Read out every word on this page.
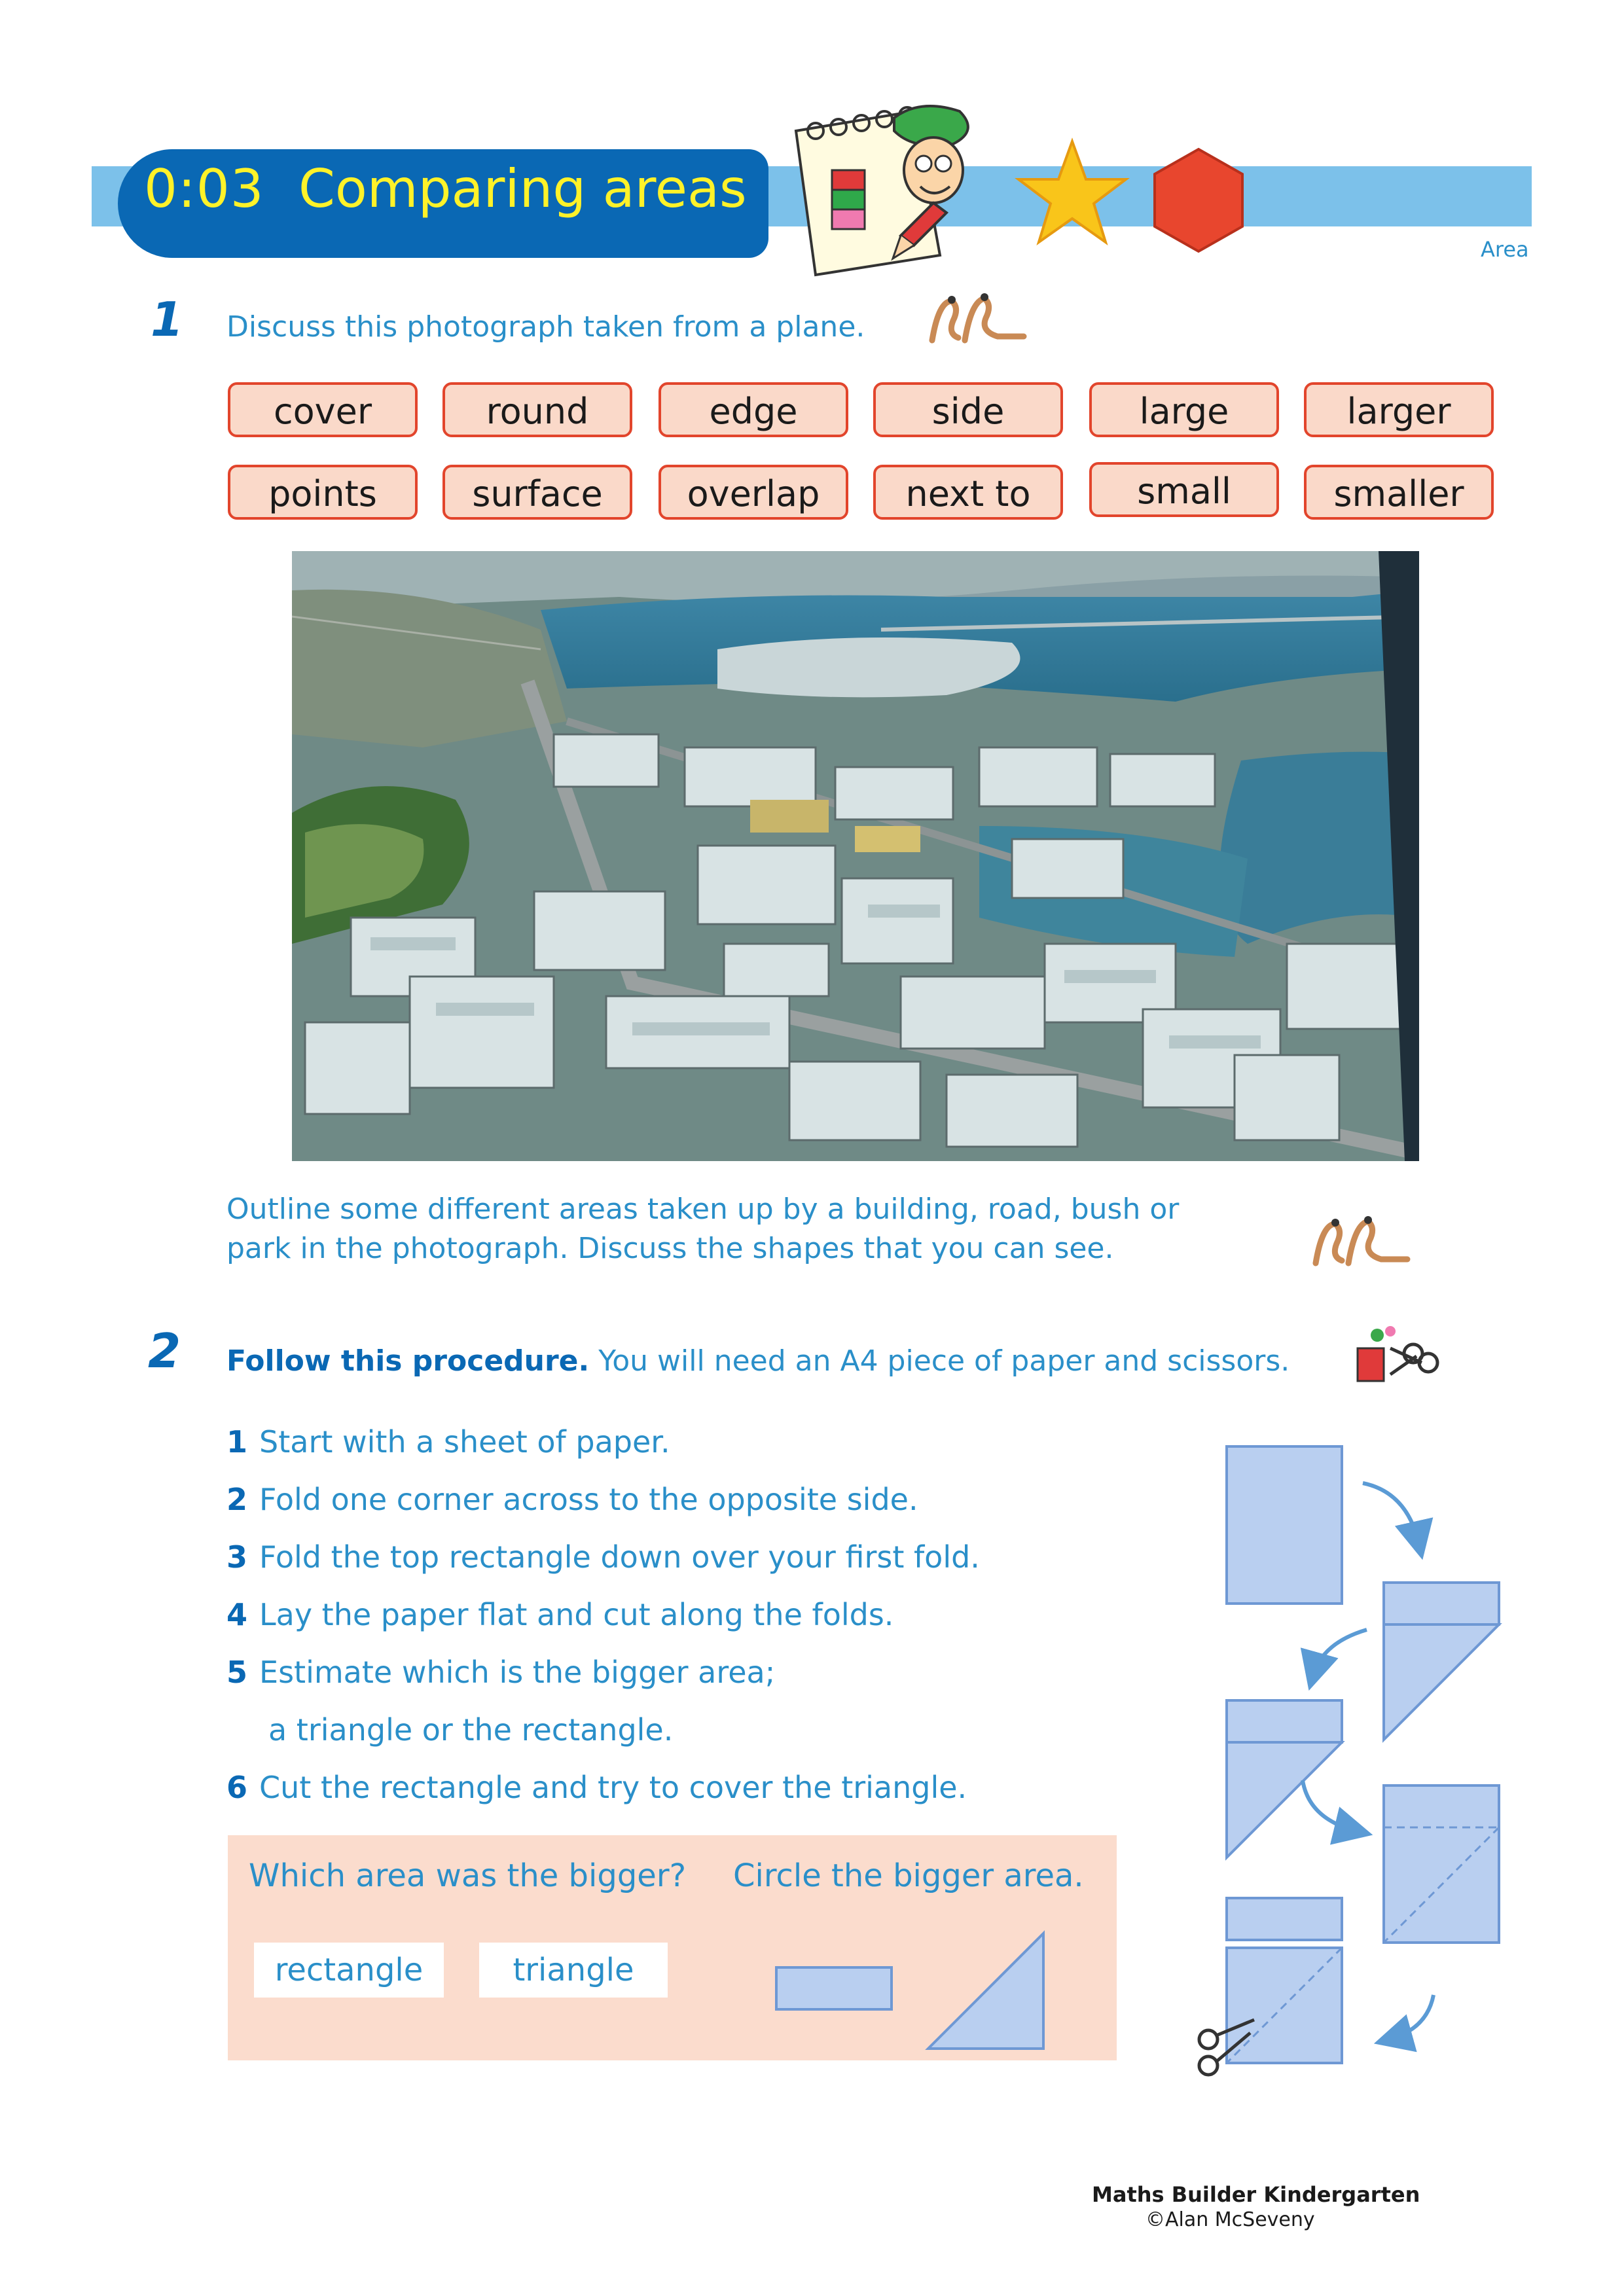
0:03 Comparing areas
Area
1 Discuss this photograph taken from a plane.
cover	round	edge	side	large	larger
points	surface	overlap	next to	small	smaller
Outline some different areas taken up by a building, road, bush or
park in the photograph. Discuss the shapes that you can see.
2 Follow this procedure. You will need an A4 piece of paper and scissors.
1 Start with a sheet of paper.
2 Fold one corner across to the opposite side.
3 Fold the top rectangle down over your first fold.
4 Lay the paper flat and cut along the folds.
5 Estimate which is the bigger area;
a triangle or the rectangle.
6 Cut the rectangle and try to cover the triangle.
Which area was the bigger? Circle the bigger area.
rectangle	triangle
Maths Builder Kindergarten
©Alan McSeveny
